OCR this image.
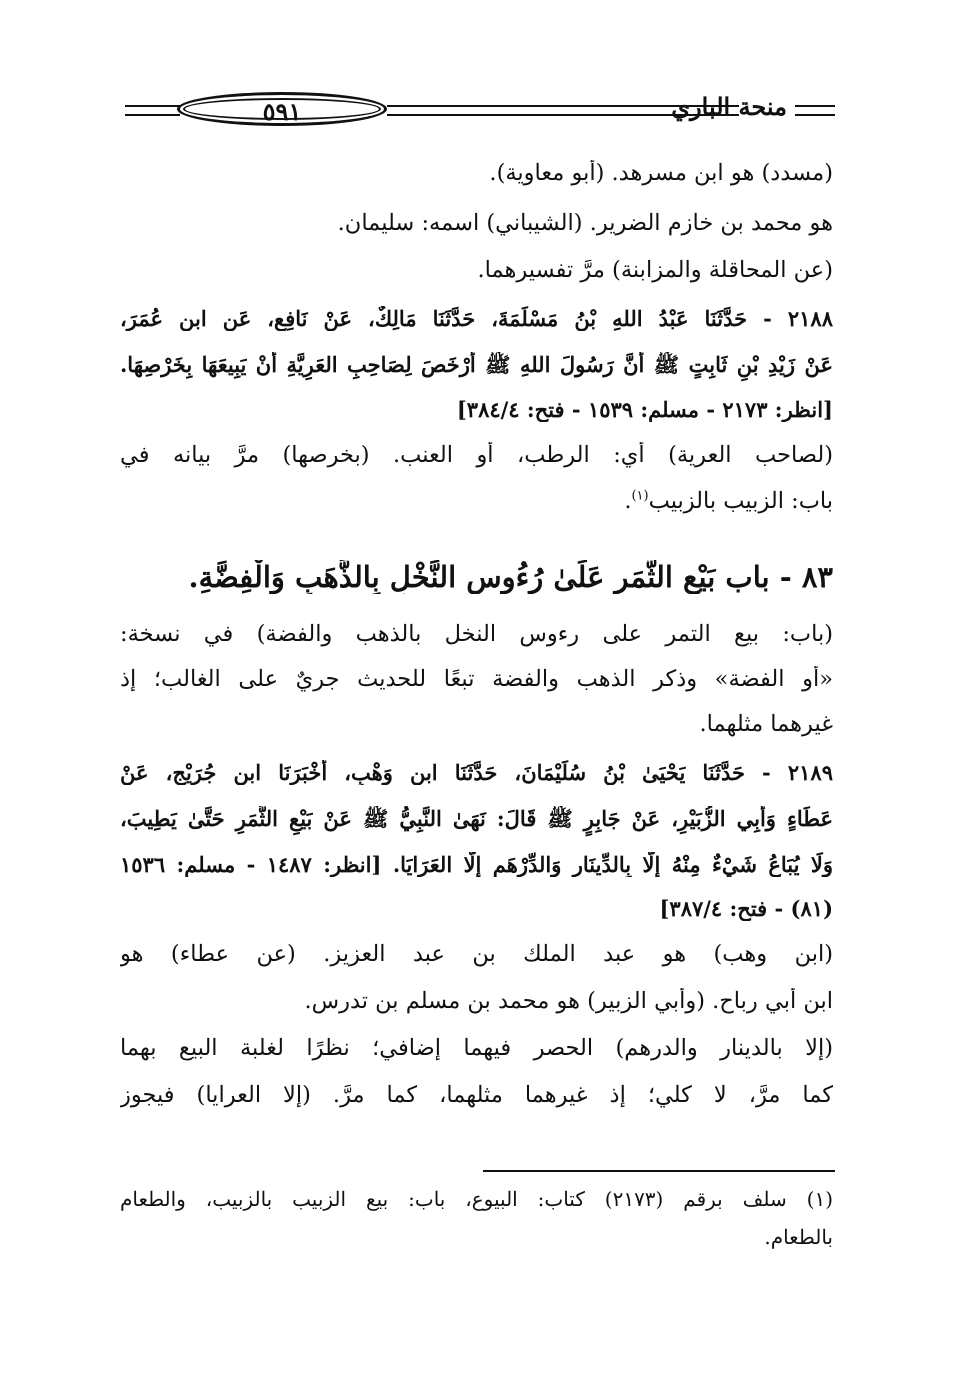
٥٩١	منحة الباري
(مسدد) هو ابن مسرهد. (أبو معاوية).
هو محمد بن خازم الضرير. (الشيباني) اسمه: سليمان.
(عن المحاقلة والمزابنة) مرَّ تفسيرهما.
٢١٨٨ - حَدَّثَنَا عَبْدُ اللهِ بْنُ مَسْلَمَةَ، حَدَّثَنَا مَالِكٌ، عَنْ نَافِعٍ، عَنِ ابنِ عُمَرَ،
عَنْ زَيْدِ بْنِ ثَابِتٍ ﷺ أَنَّ رَسُولَ اللهِ ﷺ أَرْخَصَ لِصَاحِبِ العَرِيَّةِ أَنْ يَبِيعَهَا بِخَرْصِهَا.
[انظر: ٢١٧٣ - مسلم: ١٥٣٩ - فتح: ٣٨٤/٤]
(لصاحب العرية) أي: الرطب، أو العنب. (بخرصها) مرَّ بيانه في
باب: الزبيب بالزبيب$^{(١)}$.
٨٣ - باب بَيْعِ الثَّمَرِ عَلَىٰ رُءُوسِ النَّخْلِ بِالذَّهَبِ وَالْفِضَّةِ.
(باب: بيع التمر على رءوس النخل بالذهب والفضة) في نسخة:
«أو الفضة» وذكر الذهب والفضة تبعًا للحديث جريٌ على الغالب؛ إذ
غيرهما مثلهما.
٢١٨٩ - حَدَّثَنَا يَحْيَىٰ بْنُ سُلَيْمَانَ، حَدَّثَنَا ابن وَهْبٍ، أَخْبَرَنَا ابن جُرَيْجٍ، عَنْ
عَطَاءٍ وَأَبِي الزُّبَيْرِ، عَنْ جَابِرٍ ﷺ قَالَ: نَهَىٰ النَّبِيُّ ﷺ عَنْ بَيْعِ الثَّمَرِ حَتَّىٰ يَطِيبَ،
وَلَا يُبَاعُ شَيْءٌ مِنْهُ إِلَّا بِالدِّينَارِ وَالدِّرْهَمِ إِلَّا العَرَايَا. [انظر: ١٤٨٧ - مسلم: ١٥٣٦
(٨١) - فتح: ٣٨٧/٤]
(ابن وهب) هو عبد الملك بن عبد العزيز. (عن عطاء) هو
ابن أبي رباح. (وأبي الزبير) هو محمد بن مسلم بن تدرس.
(إلا بالدينار والدرهم) الحصر فيهما إضافي؛ نظرًا لغلبة البيع بهما
كما مرَّ، لا كلي؛ إذ غيرهما مثلهما، كما مرَّ. (إلا العرايا) فيجوز
(١) سلف برقم (٢١٧٣) كتاب: البيوع، باب: بيع الزبيب بالزبيب، والطعام
بالطعام.
